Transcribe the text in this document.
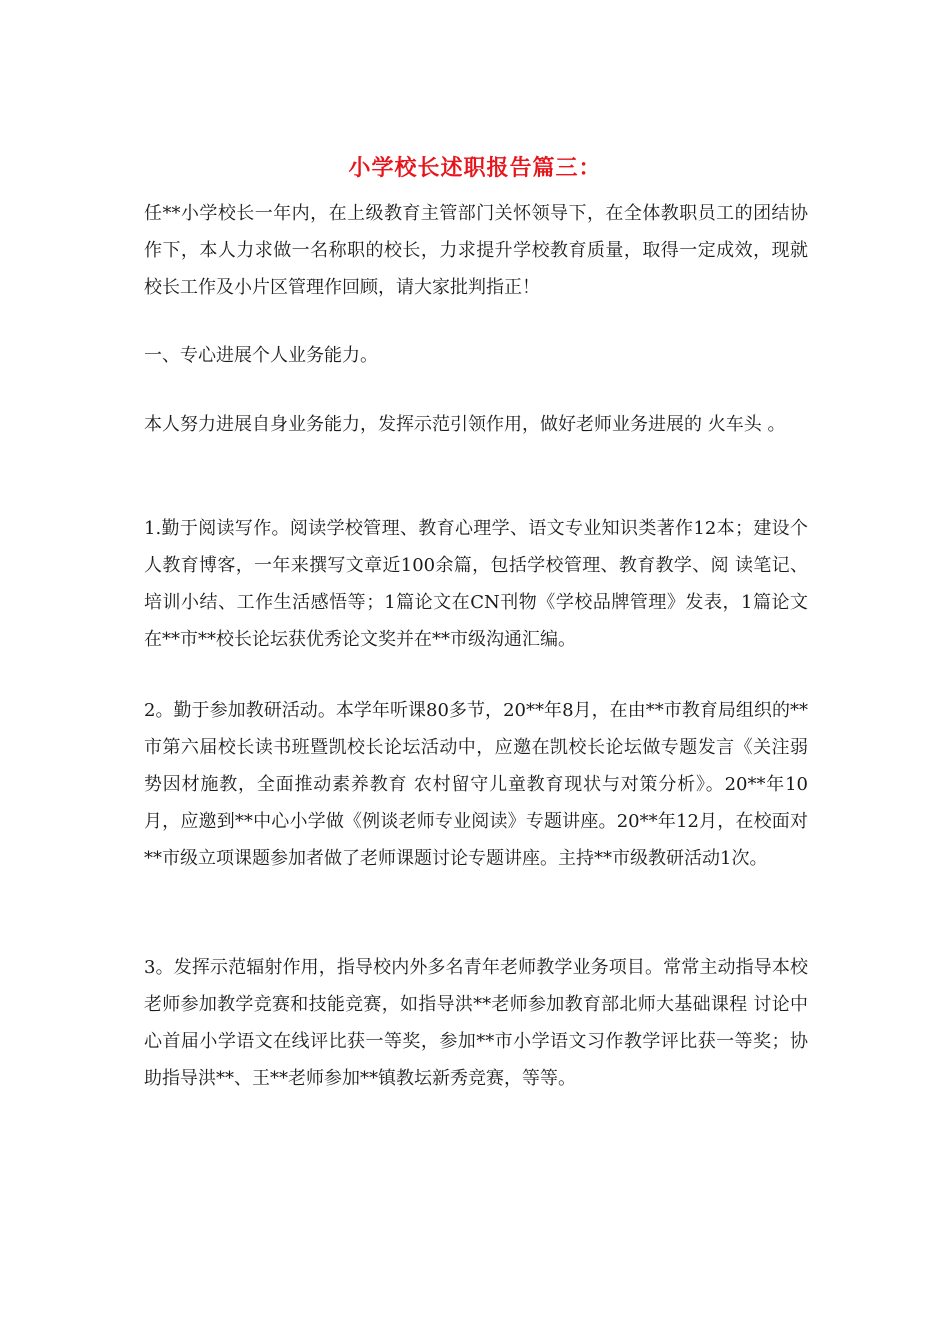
小学校长述职报告篇三：

任**小学校长一年内，在上级教育主管部门关怀领导下，在全体教职员工的团结协作下，本人力求做一名称职的校长，力求提升学校教育质量，取得一定成效，现就校长工作及小片区管理作回顾，请大家批判指正！

一、专心进展个人业务能力。

本人努力进展自身业务能力，发挥示范引领作用，做好老师业务进展的 火车头 。

1.勤于阅读写作。阅读学校管理、教育心理学、语文专业知识类著作12本；建设个人教育博客，一年来撰写文章近100余篇，包括学校管理、教育教学、阅 读笔记、培训小结、工作生活感悟等；1篇论文在CN刊物《学校品牌管理》发表，1篇论文在**市**校长论坛获优秀论文奖并在**市级沟通汇编。

2。勤于参加教研活动。本学年听课80多节，20**年8月，在由**市教育局组织的**市第六届校长读书班暨凯校长论坛活动中，应邀在凯校长论坛做专题发言《关注弱势因材施教，全面推动素养教育 农村留守儿童教育现状与对策分析》。20**年10月，应邀到**中心小学做《例谈老师专业阅读》专题讲座。20**年12月，在校面对**市级立项课题参加者做了老师课题讨论专题讲座。主持**市级教研活动1次。

3。发挥示范辐射作用，指导校内外多名青年老师教学业务项目。常常主动指导本校老师参加教学竞赛和技能竞赛，如指导洪**老师参加教育部北师大基础课程 讨论中心首届小学语文在线评比获一等奖，参加**市小学语文习作教学评比获一等奖；协助指导洪**、王**老师参加**镇教坛新秀竞赛，等等。
